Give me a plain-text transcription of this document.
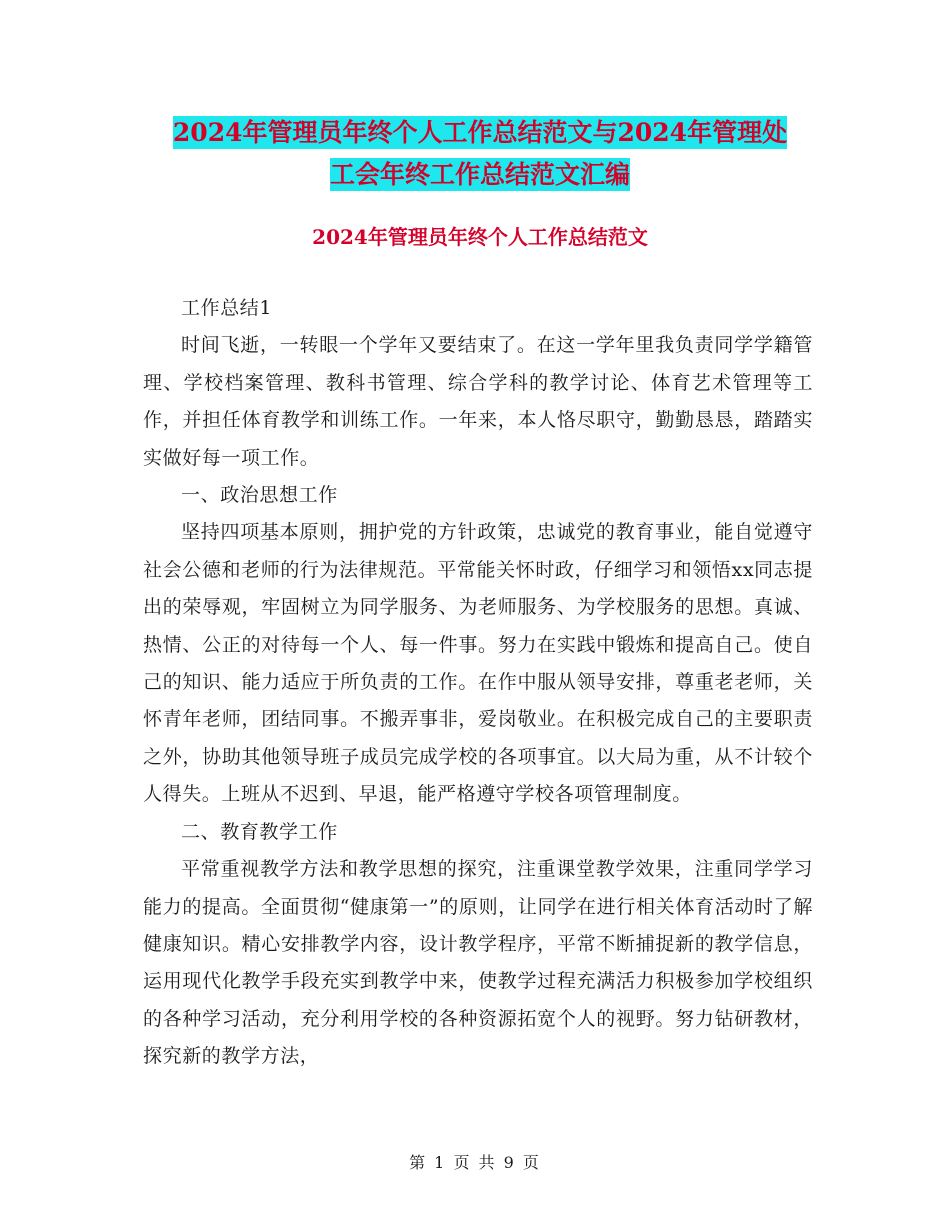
2024年管理员年终个人工作总结范文与2024年管理处
工会年终工作总结范文汇编
2024年管理员年终个人工作总结范文

工作总结1

时间飞逝，一转眼一个学年又要结束了。在这一学年里我负责同学学籍管理、学校档案管理、教科书管理、综合学科的教学讨论、体育艺术管理等工作，并担任体育教学和训练工作。一年来，本人恪尽职守，勤勤恳恳，踏踏实实做好每一项工作。

一、政治思想工作

坚持四项基本原则，拥护党的方针政策，忠诚党的教育事业，能自觉遵守社会公德和老师的行为法律规范。平常能关怀时政，仔细学习和领悟xx同志提出的荣辱观，牢固树立为同学服务、为老师服务、为学校服务的思想。真诚、热情、公正的对待每一个人、每一件事。努力在实践中锻炼和提高自己。使自己的知识、能力适应于所负责的工作。在作中服从领导安排，尊重老老师，关怀青年老师，团结同事。不搬弄事非，爱岗敬业。在积极完成自己的主要职责之外，协助其他领导班子成员完成学校的各项事宜。以大局为重，从不计较个人得失。上班从不迟到、早退，能严格遵守学校各项管理制度。

二、教育教学工作

平常重视教学方法和教学思想的探究，注重课堂教学效果，注重同学学习能力的提高。全面贯彻“健康第一”的原则，让同学在进行相关体育活动时了解健康知识。精心安排教学内容，设计教学程序，平常不断捕捉新的教学信息，运用现代化教学手段充实到教学中来，使教学过程充满活力积极参加学校组织的各种学习活动，充分利用学校的各种资源拓宽个人的视野。努力钻研教材，探究新的教学方法，

第 1 页 共 9 页
